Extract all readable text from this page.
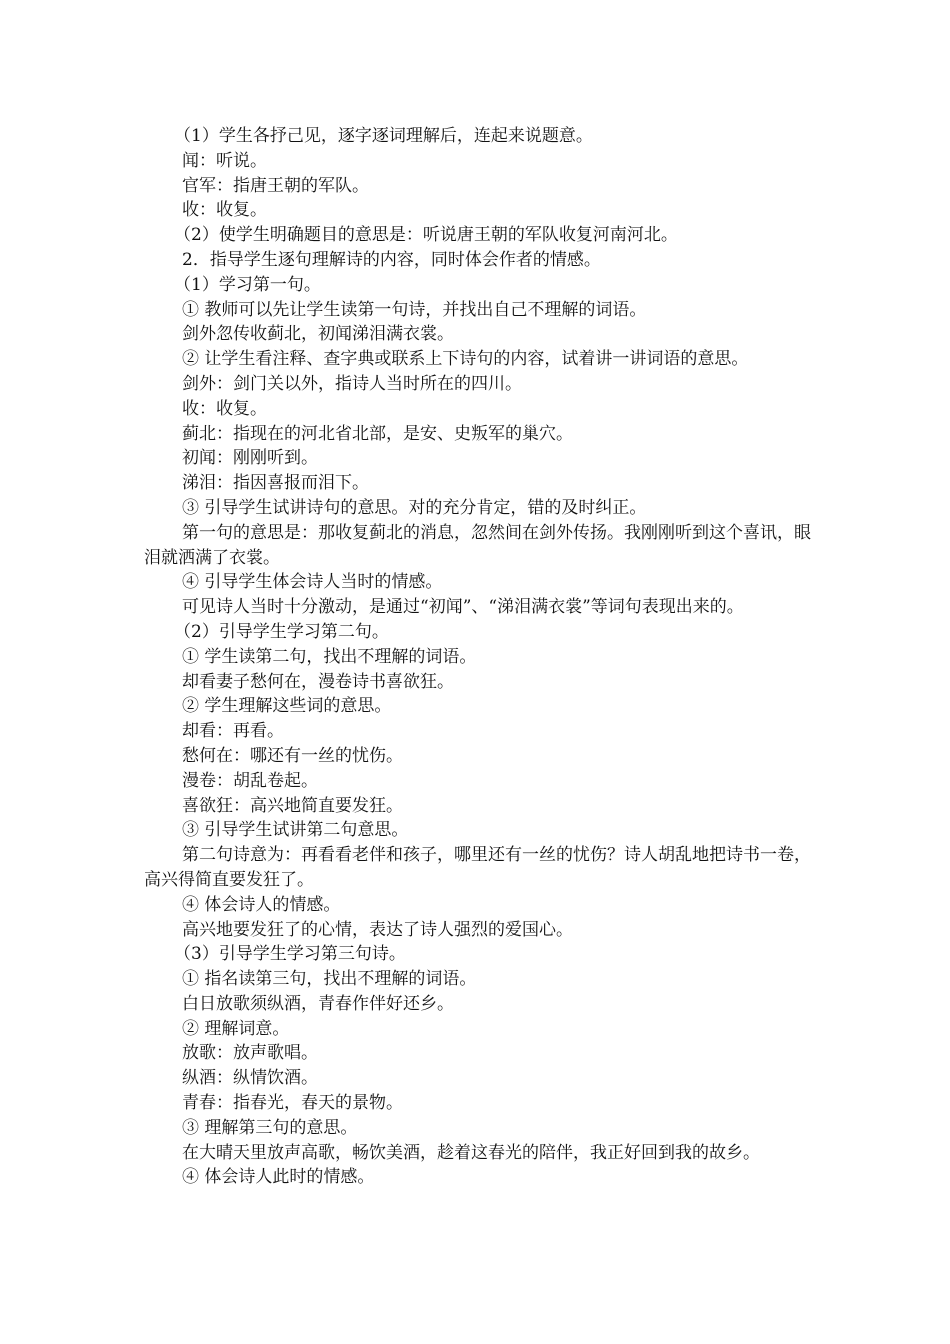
（1）学生各抒己见，逐字逐词理解后，连起来说题意。

闻：听说。

官军：指唐王朝的军队。

收：收复。

（2）使学生明确题目的意思是：听说唐王朝的军队收复河南河北。

2．指导学生逐句理解诗的内容，同时体会作者的情感。

（1）学习第一句。

① 教师可以先让学生读第一句诗，并找出自己不理解的词语。

剑外忽传收蓟北，初闻涕泪满衣裳。

② 让学生看注释、查字典或联系上下诗句的内容，试着讲一讲词语的意思。

剑外：剑门关以外，指诗人当时所在的四川。

收：收复。

蓟北：指现在的河北省北部，是安、史叛军的巢穴。

初闻：刚刚听到。

涕泪：指因喜报而泪下。

③ 引导学生试讲诗句的意思。对的充分肯定，错的及时纠正。

第一句的意思是：那收复蓟北的消息，忽然间在剑外传扬。我刚刚听到这个喜讯，眼泪就洒满了衣裳。

④ 引导学生体会诗人当时的情感。

可见诗人当时十分激动，是通过“初闻”、“涕泪满衣裳”等词句表现出来的。

（2）引导学生学习第二句。

① 学生读第二句，找出不理解的词语。

却看妻子愁何在，漫卷诗书喜欲狂。

② 学生理解这些词的意思。

却看：再看。

愁何在：哪还有一丝的忧伤。

漫卷：胡乱卷起。

喜欲狂：高兴地简直要发狂。

③ 引导学生试讲第二句意思。

第二句诗意为：再看看老伴和孩子，哪里还有一丝的忧伤？诗人胡乱地把诗书一卷，高兴得简直要发狂了。

④ 体会诗人的情感。

高兴地要发狂了的心情，表达了诗人强烈的爱国心。

（3）引导学生学习第三句诗。

① 指名读第三句，找出不理解的词语。

白日放歌须纵酒，青春作伴好还乡。

② 理解词意。

放歌：放声歌唱。

纵酒：纵情饮酒。

青春：指春光，春天的景物。

③ 理解第三句的意思。

在大晴天里放声高歌，畅饮美酒，趁着这春光的陪伴，我正好回到我的故乡。

④ 体会诗人此时的情感。
